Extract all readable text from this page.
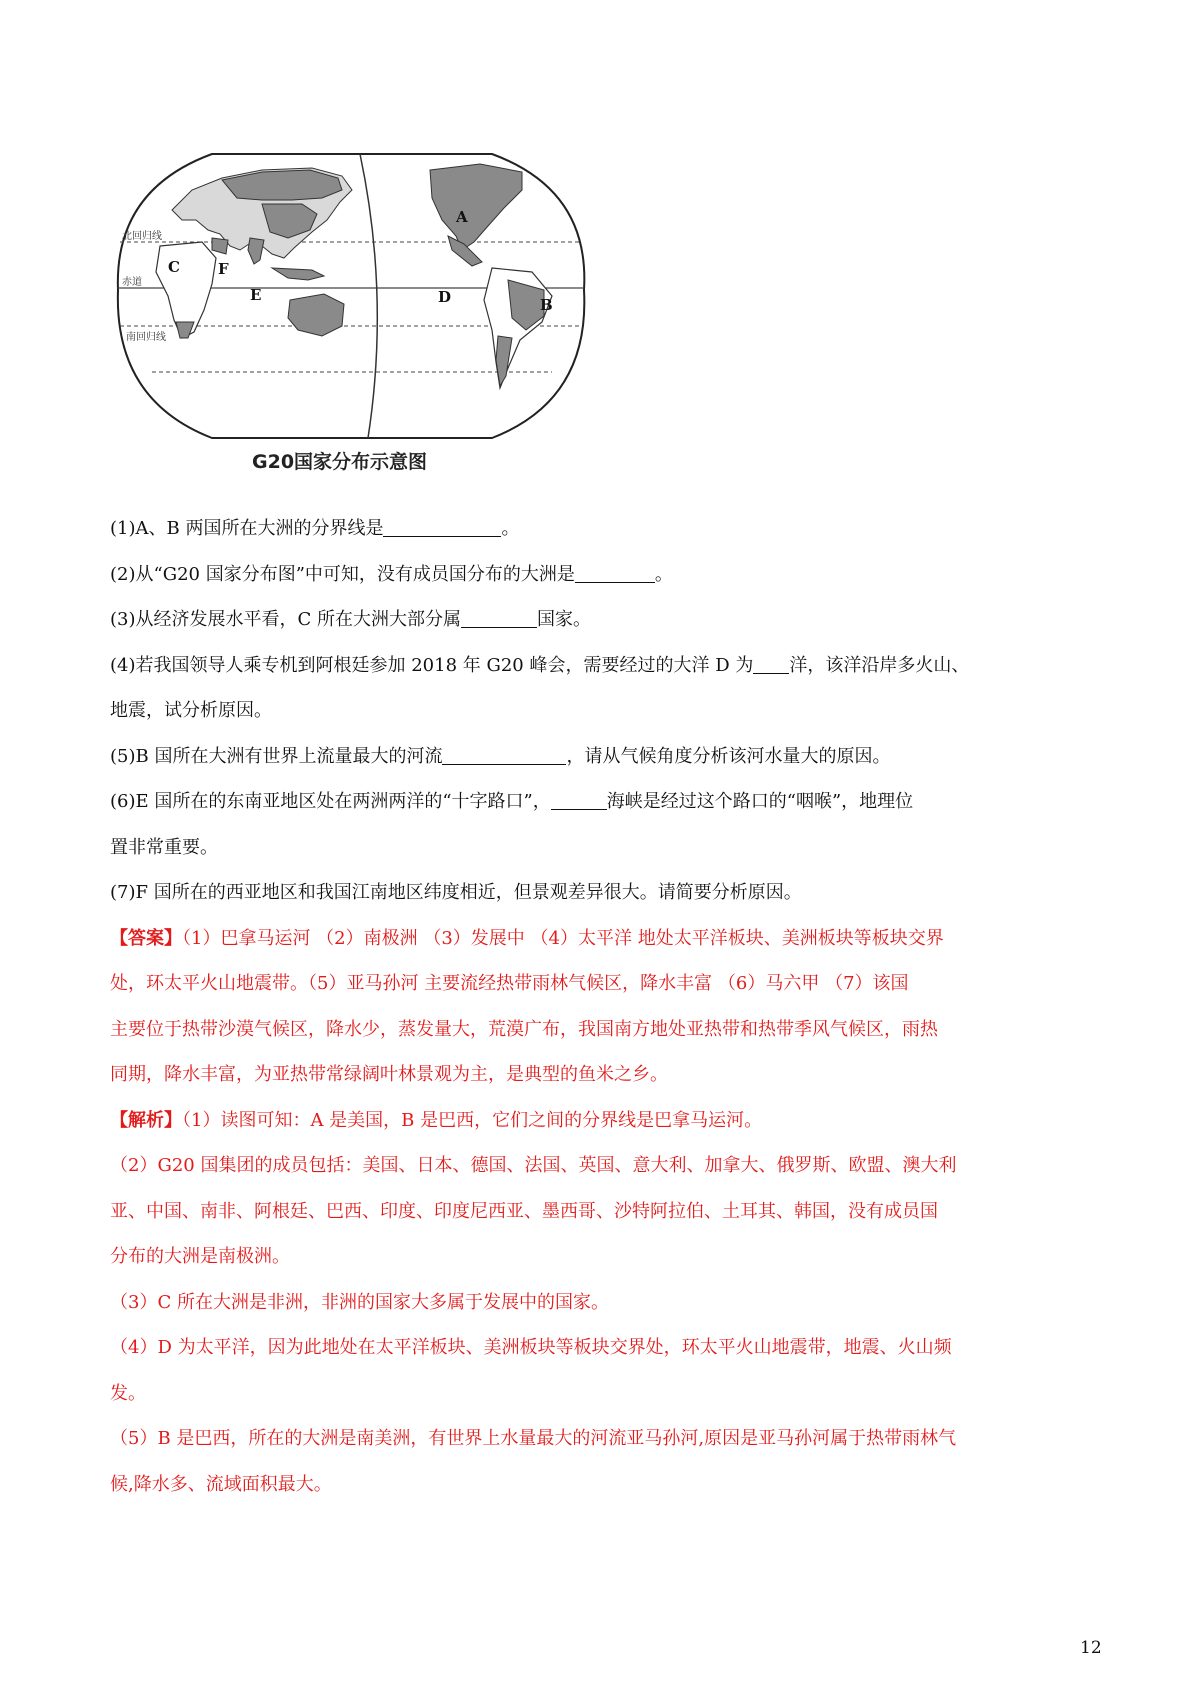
A
B
C
D
E
F
北回归线
赤道
南回归线
G20国家分布示意图

(1)A、B 两国所在大洲的分界线是	。

(2)从“G20 国家分布图”中可知，没有成员国分布的大洲是	。

(3)从经济发展水平看，C 所在大洲大部分属	国家。

(4)若我国领导人乘专机到阿根廷参加 2018 年 G20 峰会，需要经过的大洋 D 为 洋，该洋沿岸多火山、

地震，试分析原因。

(5)B 国所在大洲有世界上流量最大的河流	，请从气候角度分析该河水量大的原因。

(6)E 国所在的东南亚地区处在两洲两洋的“十字路口”，	海峡是经过这个路口的“咽喉”，地理位

置非常重要。

(7)F 国所在的西亚地区和我国江南地区纬度相近，但景观差异很大。请简要分析原因。

【答案】（1）巴拿马运河 （2）南极洲 （3）发展中 （4）太平洋 地处太平洋板块、美洲板块等板块交界

处，环太平火山地震带。（5）亚马孙河 主要流经热带雨林气候区，降水丰富 （6）马六甲 （7）该国

主要位于热带沙漠气候区，降水少，蒸发量大，荒漠广布，我国南方地处亚热带和热带季风气候区，雨热

同期，降水丰富，为亚热带常绿阔叶林景观为主，是典型的鱼米之乡。

【解析】（1）读图可知：A 是美国，B 是巴西，它们之间的分界线是巴拿马运河。

（2）G20 国集团的成员包括：美国、日本、德国、法国、英国、意大利、加拿大、俄罗斯、欧盟、澳大利

亚、中国、南非、阿根廷、巴西、印度、印度尼西亚、墨西哥、沙特阿拉伯、土耳其、韩国，没有成员国

分布的大洲是南极洲。

（3）C 所在大洲是非洲，非洲的国家大多属于发展中的国家。

（4）D 为太平洋，因为此地处在太平洋板块、美洲板块等板块交界处，环太平火山地震带，地震、火山频

发。

（5）B 是巴西，所在的大洲是南美洲，有世界上水量最大的河流亚马孙河,原因是亚马孙河属于热带雨林气

候,降水多、流域面积最大。

12
